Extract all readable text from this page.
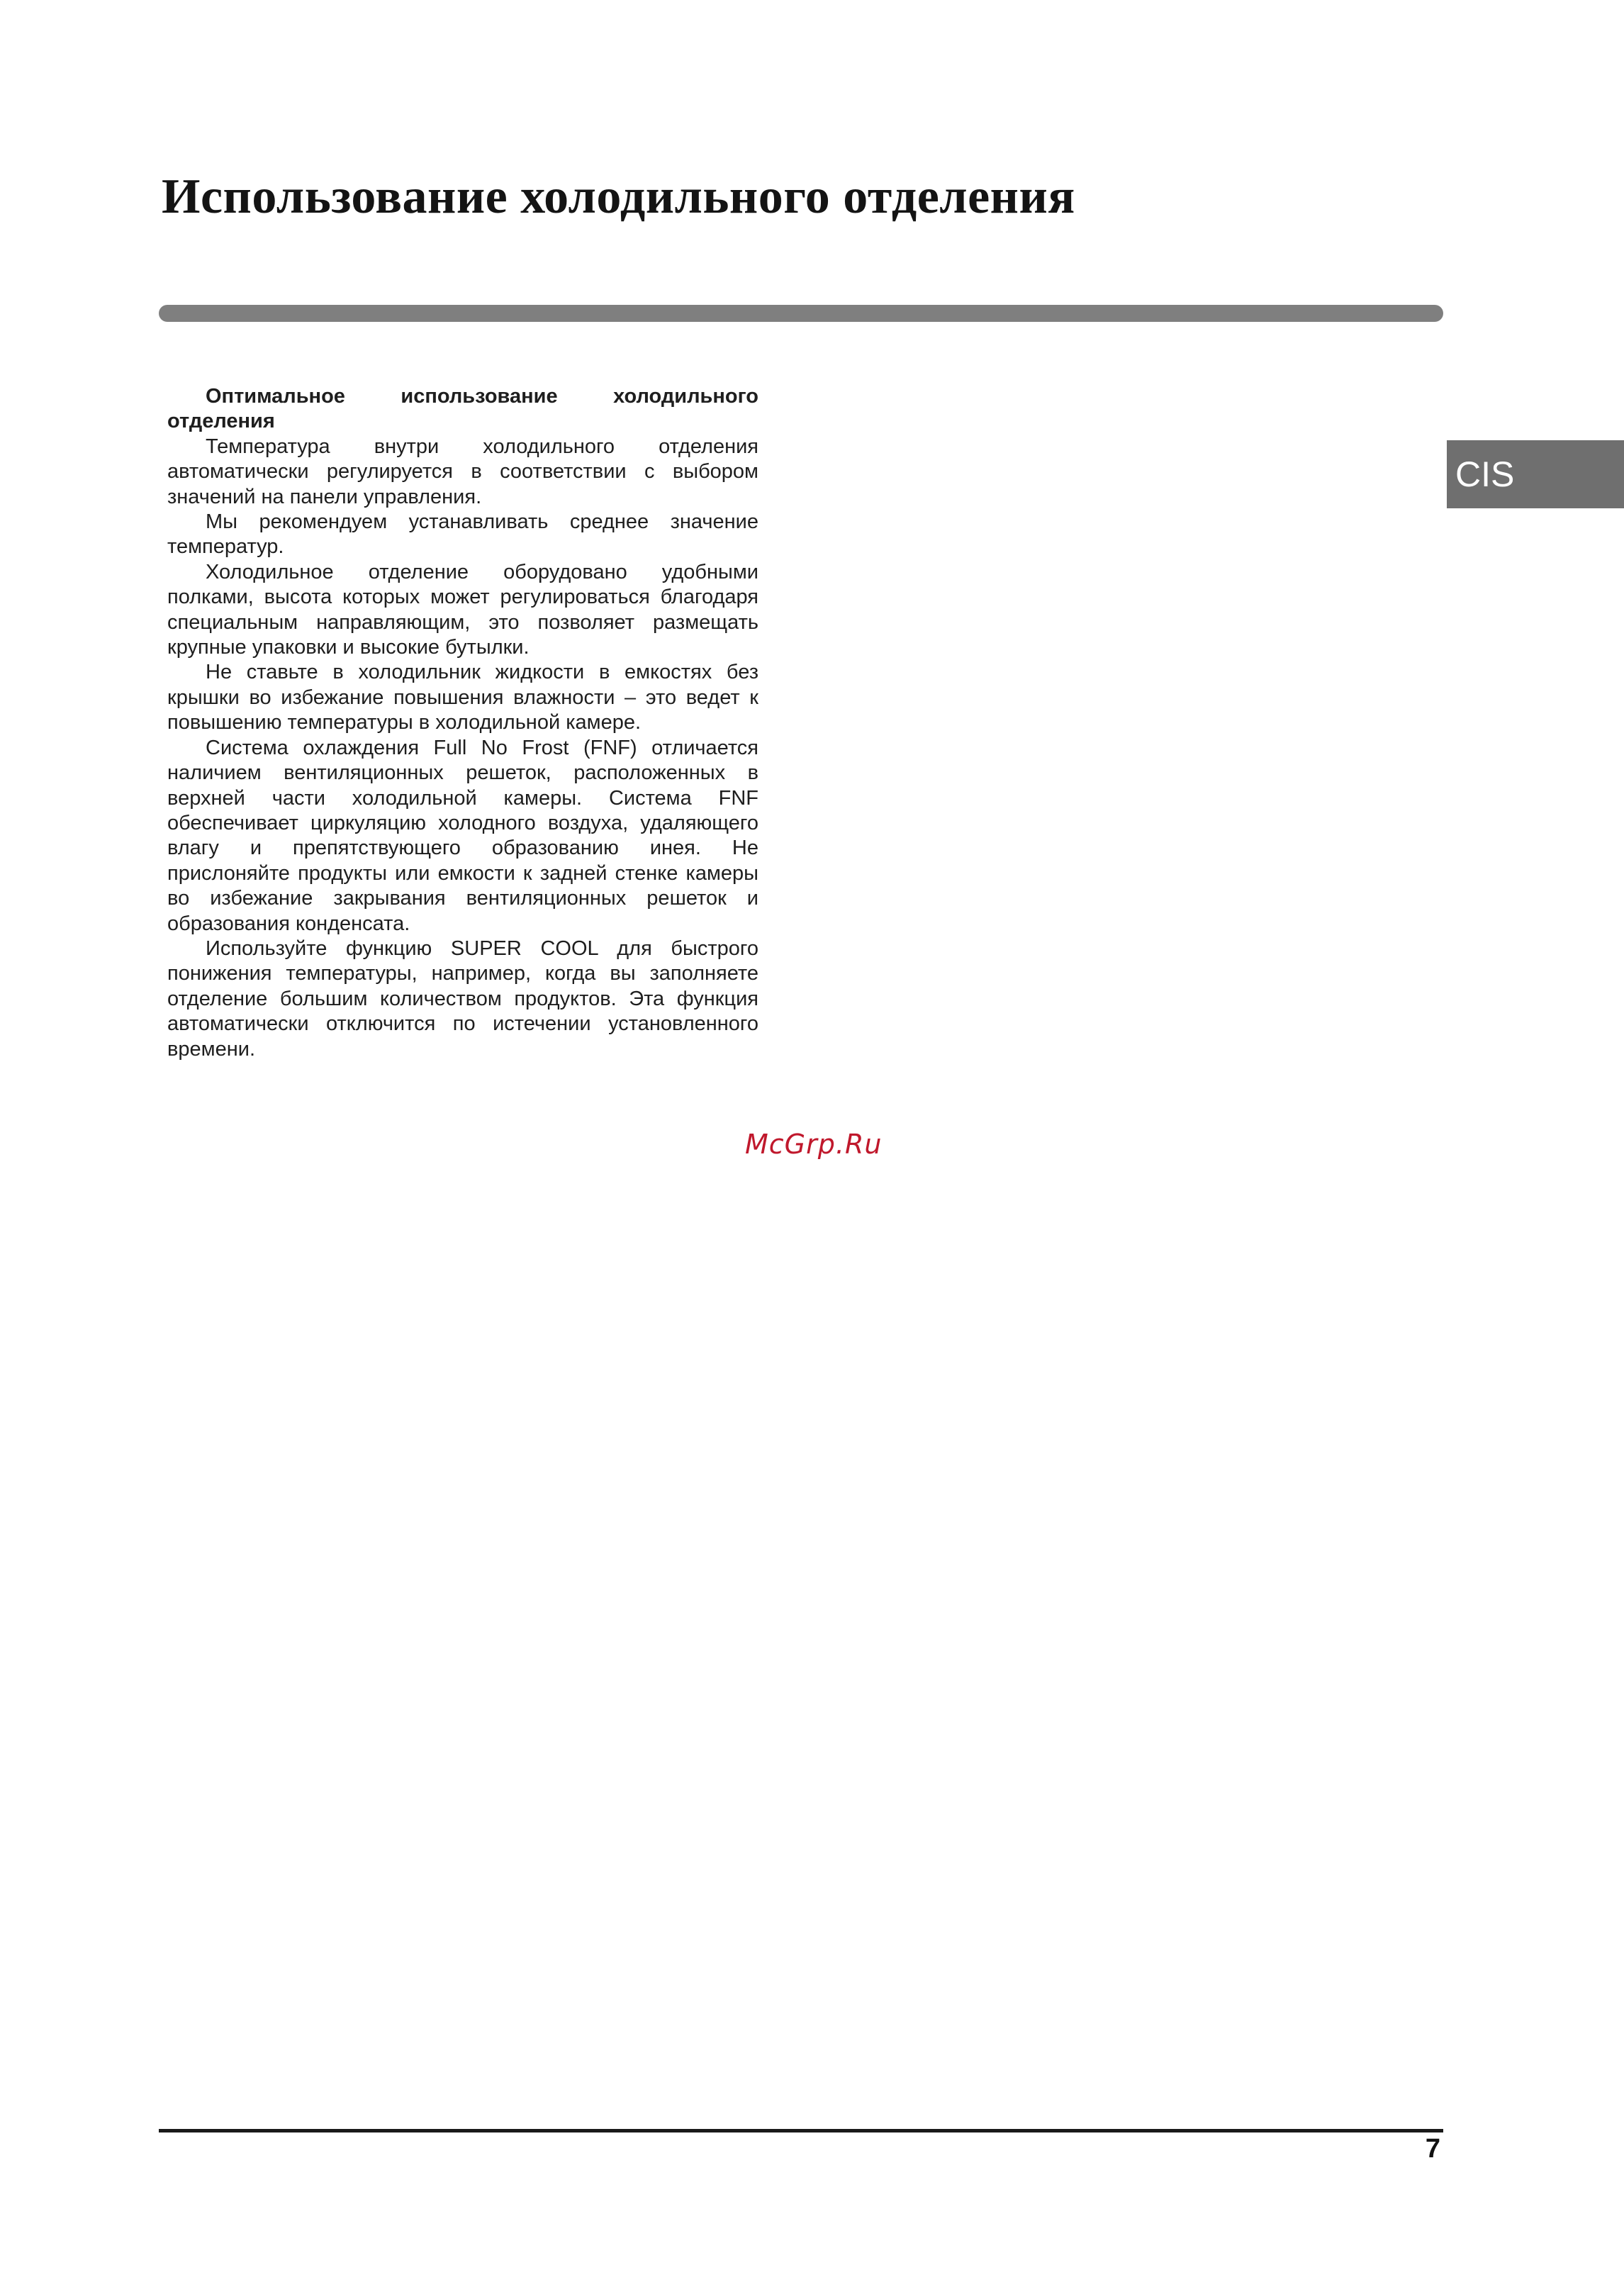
Использование холодильного отделения
CIS

Оптимальное использование холодильного отделения

Температура внутри холодильного отделения автоматически регулируется в соответствии с выбором значений на панели управления.

Мы рекомендуем устанавливать среднее значение температур.

Холодильное отделение оборудовано удобными полками, высота которых может регулироваться благодаря специальным направляющим, это позволяет размещать крупные упаковки и высокие бутылки.

Не ставьте в холодильник жидкости в емкостях без крышки во избежание повышения влажности – это ведет к повышению температуры в холодильной камере.

Система охлаждения Full No Frost (FNF) отличается наличием вентиляционных решеток, расположенных в верхней части холодильной камеры. Система FNF обеспечивает циркуляцию холодного воздуха, удаляющего влагу и препятствующего образованию инея. Не прислоняйте продукты или емкости к задней стенке камеры во избежание закрывания вентиляционных решеток и образования конденсата.

Используйте функцию SUPER COOL для быстрого понижения температуры, например, когда вы заполняете отделение большим количеством продуктов. Эта функция автоматически отключится по истечении установленного времени.

McGrp.Ru
7
